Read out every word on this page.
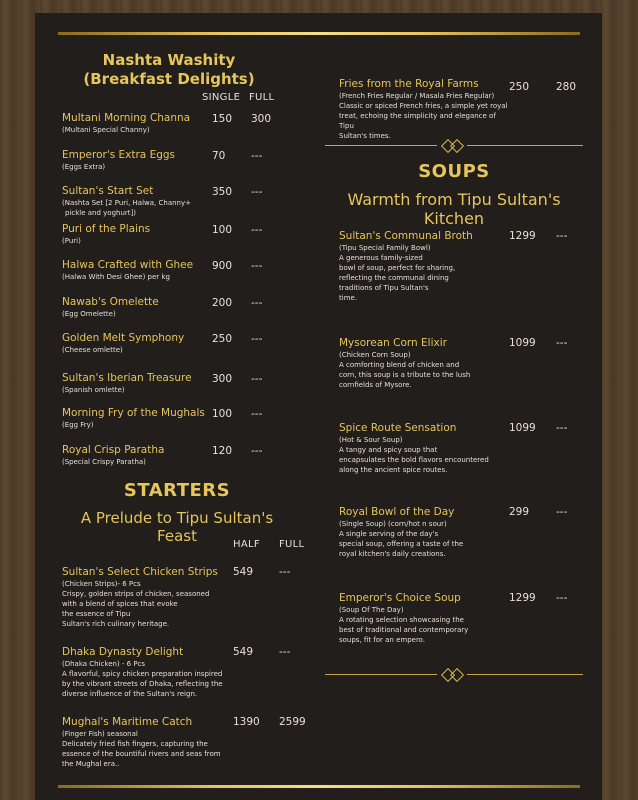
Nashta Washity
(Breakfast Delights)
SINGLE FULL
Multani Morning Channa
(Multani Special Channy)
150 300
Emperor's Extra Eggs
(Eggs Extra)
70 ---
Sultan's Start Set
(Nashta Set [2 Puri, Halwa, Channy+
pickle and yoghurt])
350 ---
Puri of the Plains
(Puri)
100 ---
Halwa Crafted with Ghee
(Halwa With Desi Ghee) per kg
900 ---
Nawab's Omelette
(Egg Omelette)
200 ---
Golden Melt Symphony
(Cheese omlette)
250 ---
Sultan's Iberian Treasure
(Spanish omlette)
300 ---
Morning Fry of the Mughals
(Egg Fry)
100 ---
Royal Crisp Paratha
(Special Crispy Paratha)
120 ---
STARTERS
A Prelude to Tipu Sultan's Feast	HALF FULL
Sultan's Select Chicken Strips
(Chicken Strips)- 6 Pcs
Crispy, golden strips of chicken, seasoned
with a blend of spices that evoke
the essence of Tipu
Sultan's rich culinary heritage.
549 ---
Dhaka Dynasty Delight
(Dhaka Chicken) - 6 Pcs
A flavorful, spicy chicken preparation inspired
by the vibrant streets of Dhaka, reflecting the
diverse influence of the Sultan's reign.
549 ---
Mughal's Maritime Catch
(Finger Fish) seasonal
Delicately fried fish fingers, capturing the
essence of the bountiful rivers and seas from
the Mughal era..
1390 2599
Fries from the Royal Farms
(French Fries Regular / Masala Fries Regular)
Classic or spiced French fries, a simple yet royal
treat, echoing the simplicity and elegance of Tipu
Sultan's times.
250	280
SOUPS
Warmth from Tipu Sultan's Kitchen
Sultan's Communal Broth
(Tipu Special Family Bowl)
A generous family-sized
bowl of soup, perfect for sharing,
reflecting the communal dining
traditions of Tipu Sultan's
time.
1299 ---
Mysorean Corn Elixir
(Chicken Corn Soup)
A comforting blend of chicken and
corn, this soup is a tribute to the lush
cornfields of Mysore.
1099 ---
Spice Route Sensation
(Hot & Sour Soup)
A tangy and spicy soup that
encapsulates the bold flavors encountered
along the ancient spice routes.
1099 ---
Royal Bowl of the Day
(Single Soup) (corn/hot n sour)
A single serving of the day's
special soup, offering a taste of the
royal kitchen's daily creations.
299	---
Emperor's Choice Soup
(Soup Of The Day)
A rotating selection showcasing the
best of traditional and contemporary
soups, fit for an empero.
1299 ---
